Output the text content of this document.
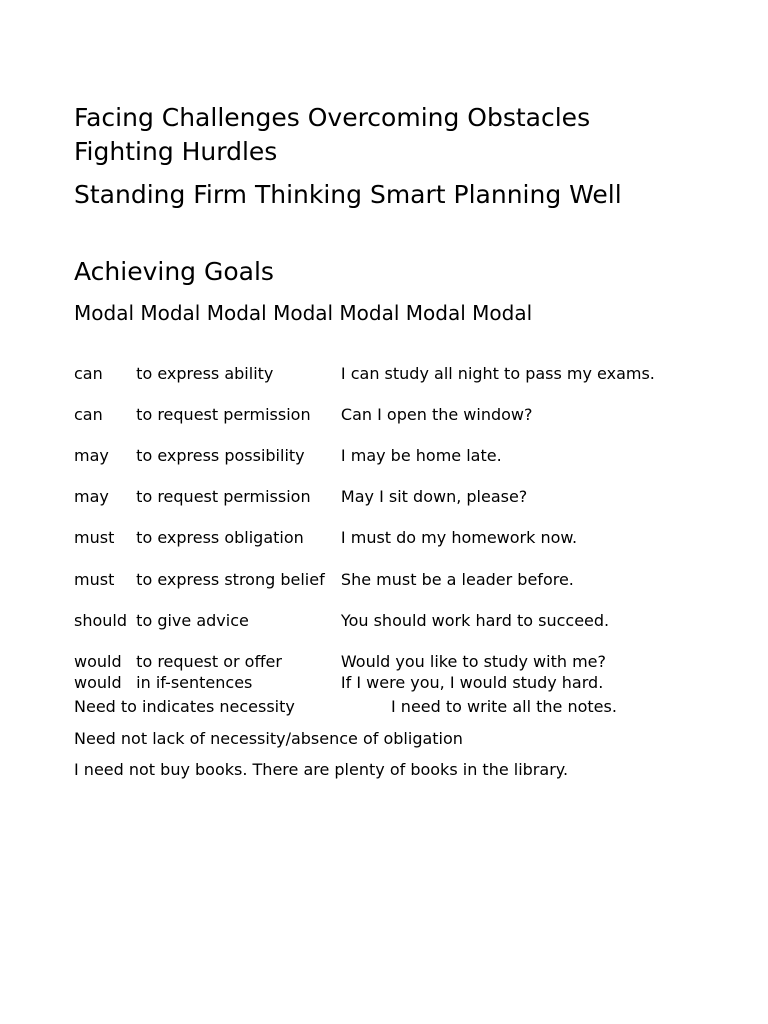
Facing Challenges Overcoming Obstacles Fighting Hurdles

Standing Firm Thinking Smart Planning Well

Achieving Goals

Modal Modal Modal Modal Modal Modal Modal
can	to express ability	I can study all night to pass my exams.
can	to request permission	Can I open the window?
may	to express possibility	I may be home late.
may	to request permission	May I sit down, please?
must	to express obligation	I must do my homework now.
must	to express strong belief	She must be a leader before.
should	to give advice	You should work hard to succeed.
would	to request or offer	Would you like to study with me?
would	in if-sentences	If I were you, I would study hard.
Need to indicates necessity	I need to write all the notes.
Need not lack of necessity/absence of obligation
I need not buy books. There are plenty of books in the library.
